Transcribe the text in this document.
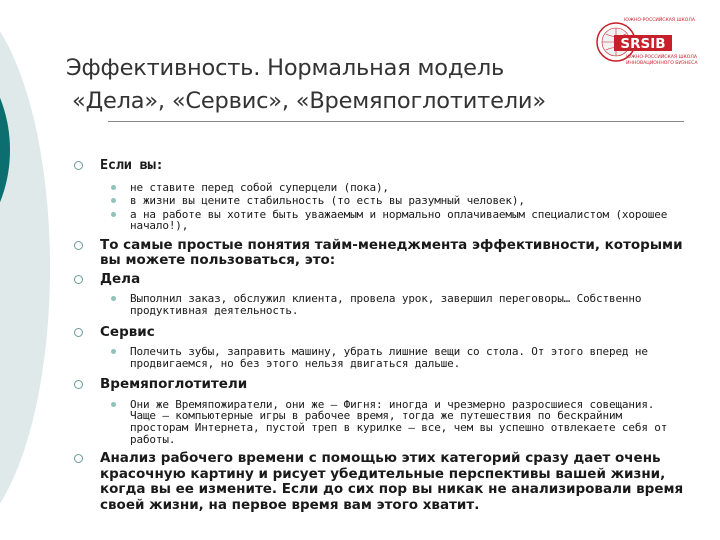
Эффективность. Нормальная модель
«Дела», «Сервис», «Времяпоглотители»
ЮЖНО-РОССИЙСКАЯ ШКОЛА
SRSIB
ЮЖНО-РОССИЙСКАЯ ШКОЛА
ИННОВАЦИОННОГО БИЗНЕСА
Если вы:
не ставите перед собой суперцели (пока),
в жизни вы цените стабильность (то есть вы разумный человек),
а на работе вы хотите быть уважаемым и нормально оплачиваемым специалистом (хорошее начало!),
То самые простые понятия тайм-менеджмента эффективности, которыми вы можете пользоваться, это:
Дела
Выполнил заказ, обслужил клиента, провела урок, завершил переговоры… Собственно продуктивная деятельность.
Сервис
Полечить зубы, заправить машину, убрать лишние вещи со стола. От этого вперед не продвигаемся, но без этого нельзя двигаться дальше.
Времяпоглотители
Они же Времяпожиратели, они же — Фигня: иногда и чрезмерно разросшиеся совещания. Чаще — компьютерные игры в рабочее время, тогда же путешествия по бескрайним просторам Интернета, пустой треп в курилке — все, чем вы успешно отвлекаете себя от работы.
Анализ рабочего времени с помощью этих категорий сразу дает очень красочную картину и рисует убедительные перспективы вашей жизни, когда вы ее измените. Если до сих пор вы никак не анализировали время своей жизни, на первое время вам этого хватит.
